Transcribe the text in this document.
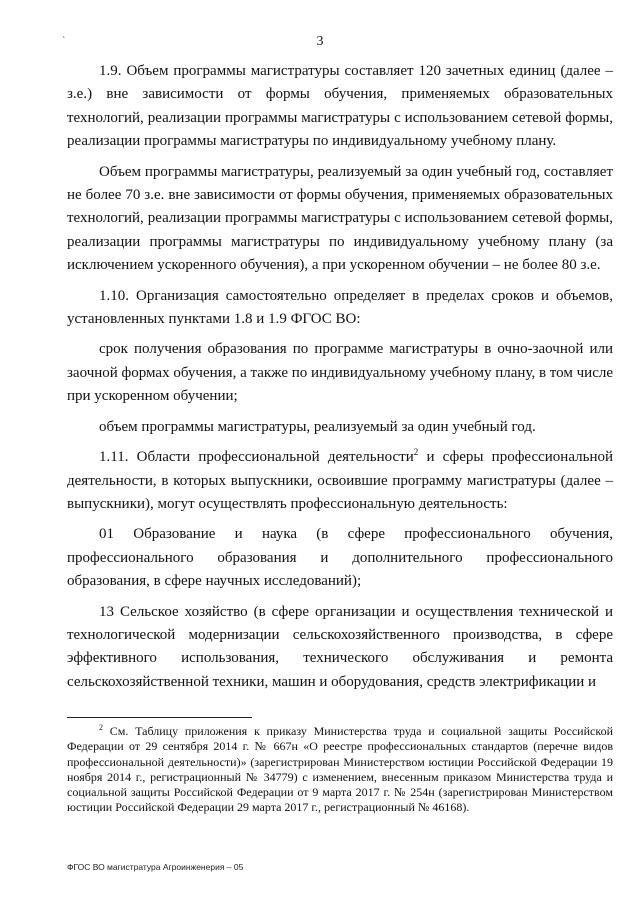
3
ˋ

1.9. Объем программы магистратуры составляет 120 зачетных единиц (далее – з.е.) вне зависимости от формы обучения, применяемых образовательных технологий, реализации программы магистратуры с использованием сетевой формы, реализации программы магистратуры по индивидуальному учебному плану.

Объем программы магистратуры, реализуемый за один учебный год, составляет не более 70 з.е. вне зависимости от формы обучения, применяемых образовательных технологий, реализации программы магистратуры с использованием сетевой формы, реализации программы магистратуры по индивидуальному учебному плану (за исключением ускоренного обучения), а при ускоренном обучении – не более 80 з.е.

1.10. Организация самостоятельно определяет в пределах сроков и объемов, установленных пунктами 1.8 и 1.9 ФГОС ВО:

срок получения образования по программе магистратуры в очно-заочной или заочной формах обучения, а также по индивидуальному учебному плану, в том числе при ускоренном обучении;

объем программы магистратуры, реализуемый за один учебный год.

1.11. Области профессиональной деятельности$^2$ и сферы профессиональной деятельности, в которых выпускники, освоившие программу магистратуры (далее – выпускники), могут осуществлять профессиональную деятельность:

01 Образование и наука (в сфере профессионального обучения, профессионального образования и дополнительного профессионального образования, в сфере научных исследований);

13 Сельское хозяйство (в сфере организации и осуществления технической и технологической модернизации сельскохозяйственного производства, в сфере эффективного использования, технического обслуживания и ремонта сельскохозяйственной техники, машин и оборудования, средств электрификации и

$^2$ См. Таблицу приложения к приказу Министерства труда и социальной защиты Российской Федерации от 29 сентября 2014 г. № 667н «О реестре профессиональных стандартов (перечне видов профессиональной деятельности)» (зарегистрирован Министерством юстиции Российской Федерации 19 ноября 2014 г., регистрационный № 34779) с изменением, внесенным приказом Министерства труда и социальной защиты Российской Федерации от 9 марта 2017 г. № 254н (зарегистрирован Министерством юстиции Российской Федерации 29 марта 2017 г., регистрационный № 46168).
ФГОС ВО магистратура Агроинженерия – 05
